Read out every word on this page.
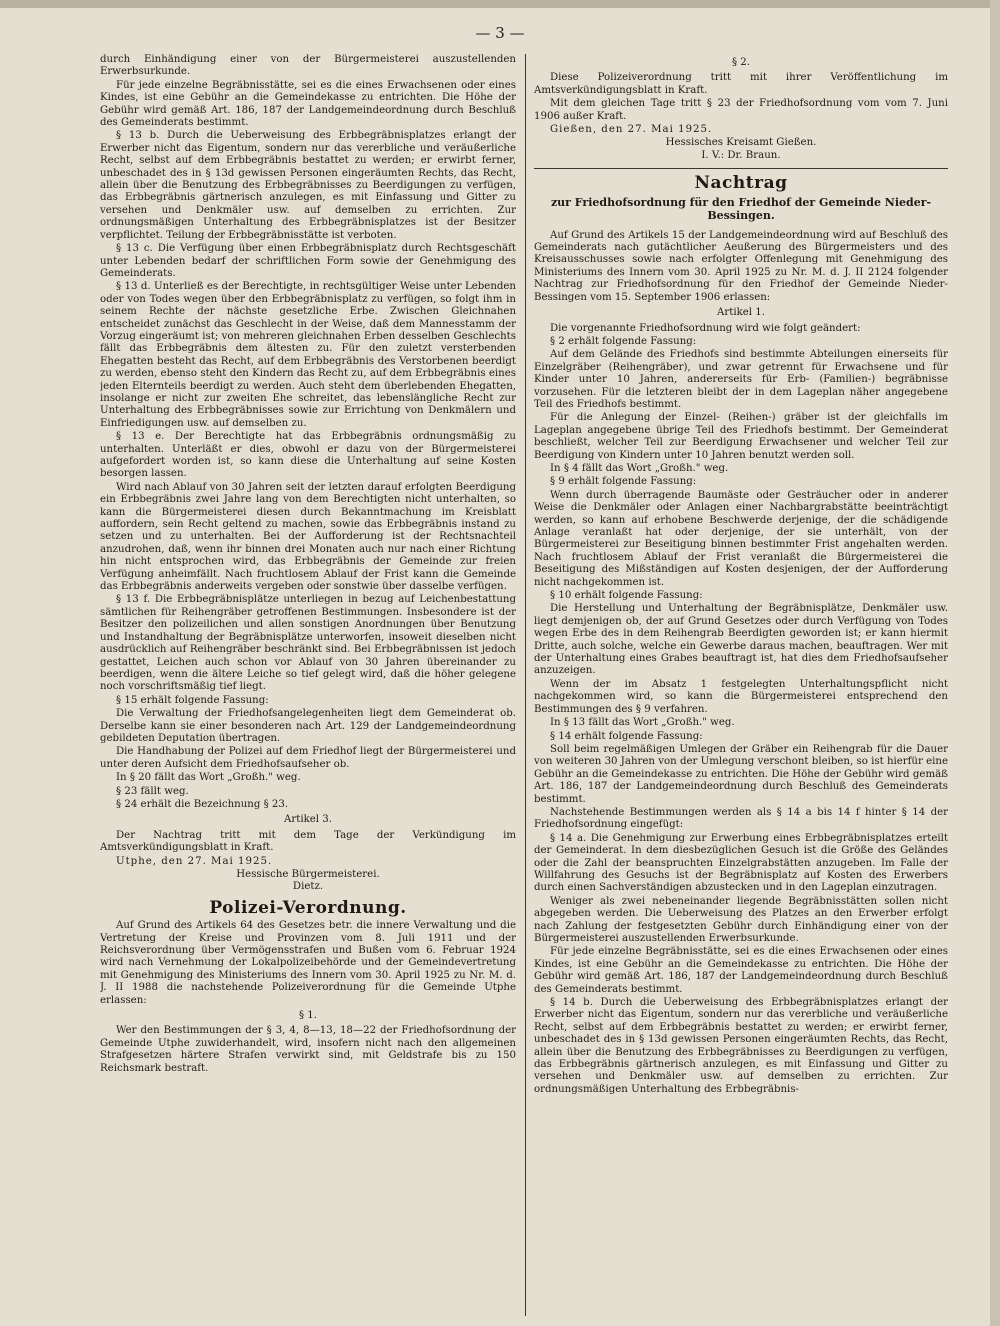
— 3 —

durch Einhändigung einer von der Bürgermeisterei auszustellenden Erwerbsurkunde.

Für jede einzelne Begräbnisstätte, sei es die eines Erwachsenen oder eines Kindes, ist eine Gebühr an die Gemeindekasse zu entrichten. Die Höhe der Gebühr wird gemäß Art. 186, 187 der Landgemeindeordnung durch Beschluß des Gemeinderats bestimmt.

§ 13 b. Durch die Ueberweisung des Erbbegräbnisplatzes erlangt der Erwerber nicht das Eigentum, sondern nur das vererbliche und veräußerliche Recht, selbst auf dem Erbbegräbnis bestattet zu werden; er erwirbt ferner, unbeschadet des in § 13d gewissen Personen eingeräumten Rechts, das Recht, allein über die Benutzung des Erbbegräbnisses zu Beerdigungen zu verfügen, das Erbbegräbnis gärtnerisch anzulegen, es mit Einfassung und Gitter zu versehen und Denkmäler usw. auf demselben zu errichten. Zur ordnungsmäßigen Unterhaltung des Erbbegräbnisplatzes ist der Besitzer verpflichtet. Teilung der Erbbegräbnisstätte ist verboten.

§ 13 c. Die Verfügung über einen Erbbegräbnisplatz durch Rechtsgeschäft unter Lebenden bedarf der schriftlichen Form sowie der Genehmigung des Gemeinderats.

§ 13 d. Unterließ es der Berechtigte, in rechtsgültiger Weise unter Lebenden oder von Todes wegen über den Erbbegräbnisplatz zu verfügen, so folgt ihm in seinem Rechte der nächste gesetzliche Erbe. Zwischen Gleichnahen entscheidet zunächst das Geschlecht in der Weise, daß dem Mannesstamm der Vorzug eingeräumt ist; von mehreren gleichnahen Erben desselben Geschlechts fällt das Erbbegräbnis dem ältesten zu. Für den zuletzt versterbenden Ehegatten besteht das Recht, auf dem Erbbegräbnis des Verstorbenen beerdigt zu werden, ebenso steht den Kindern das Recht zu, auf dem Erbbegräbnis eines jeden Elternteils beerdigt zu werden. Auch steht dem überlebenden Ehegatten, insolange er nicht zur zweiten Ehe schreitet, das lebenslängliche Recht zur Unterhaltung des Erbbegräbnisses sowie zur Errichtung von Denkmälern und Einfriedigungen usw. auf demselben zu.

§ 13 e. Der Berechtigte hat das Erbbegräbnis ordnungsmäßig zu unterhalten. Unterläßt er dies, obwohl er dazu von der Bürgermeisterei aufgefordert worden ist, so kann diese die Unterhaltung auf seine Kosten besorgen lassen.

Wird nach Ablauf von 30 Jahren seit der letzten darauf erfolgten Beerdigung ein Erbbegräbnis zwei Jahre lang von dem Berechtigten nicht unterhalten, so kann die Bürgermeisterei diesen durch Bekanntmachung im Kreisblatt auffordern, sein Recht geltend zu machen, sowie das Erbbegräbnis instand zu setzen und zu unterhalten. Bei der Aufforderung ist der Rechtsnachteil anzudrohen, daß, wenn ihr binnen drei Monaten auch nur nach einer Richtung hin nicht entsprochen wird, das Erbbegräbnis der Gemeinde zur freien Verfügung anheimfällt. Nach fruchtlosem Ablauf der Frist kann die Gemeinde das Erbbegräbnis anderweits vergeben oder sonstwie über dasselbe verfügen.

§ 13 f. Die Erbbegräbnisplätze unterliegen in bezug auf Leichenbestattung sämtlichen für Reihengräber getroffenen Bestimmungen. Insbesondere ist der Besitzer den polizeilichen und allen sonstigen Anordnungen über Benutzung und Instandhaltung der Begräbnisplätze unterworfen, insoweit dieselben nicht ausdrücklich auf Reihengräber beschränkt sind. Bei Erbbegräbnissen ist jedoch gestattet, Leichen auch schon vor Ablauf von 30 Jahren übereinander zu beerdigen, wenn die ältere Leiche so tief gelegt wird, daß die höher gelegene noch vorschriftsmäßig tief liegt.

§ 15 erhält folgende Fassung:

Die Verwaltung der Friedhofsangelegenheiten liegt dem Gemeinderat ob. Derselbe kann sie einer besonderen nach Art. 129 der Landgemeindeordnung gebildeten Deputation übertragen.

Die Handhabung der Polizei auf dem Friedhof liegt der Bürgermeisterei und unter deren Aufsicht dem Friedhofsaufseher ob.

In § 20 fällt das Wort „Großh." weg.

§ 23 fällt weg.

§ 24 erhält die Bezeichnung § 23.

Artikel 3.

Der Nachtrag tritt mit dem Tage der Verkündigung im Amtsverkündigungsblatt in Kraft.

Utphe, den 27. Mai 1925.

Hessische Bürgermeisterei.
Dietz.
Polizei-Verordnung.

Auf Grund des Artikels 64 des Gesetzes betr. die innere Verwaltung und die Vertretung der Kreise und Provinzen vom 8. Juli 1911 und der Reichsverordnung über Vermögensstrafen und Bußen vom 6. Februar 1924 wird nach Vernehmung der Lokalpolizeibehörde und der Gemeindevertretung mit Genehmigung des Ministeriums des Innern vom 30. April 1925 zu Nr. M. d. J. II 1988 die nachstehende Polizeiverordnung für die Gemeinde Utphe erlassen:

§ 1.

Wer den Bestimmungen der § 3, 4, 8—13, 18—22 der Friedhofsordnung der Gemeinde Utphe zuwiderhandelt, wird, insofern nicht nach den allgemeinen Strafgesetzen härtere Strafen verwirkt sind, mit Geldstrafe bis zu 150 Reichsmark bestraft.

§ 2.

Diese Polizeiverordnung tritt mit ihrer Veröffentlichung im Amtsverkündigungsblatt in Kraft.

Mit dem gleichen Tage tritt § 23 der Friedhofsordnung vom vom 7. Juni 1906 außer Kraft.

Gießen, den 27. Mai 1925.

Hessisches Kreisamt Gießen.
I. V.: Dr. Braun.
Nachtrag
zur Friedhofsordnung für den Friedhof der Gemeinde Nieder-Bessingen.

Auf Grund des Artikels 15 der Landgemeindeordnung wird auf Beschluß des Gemeinderats nach gutächtlicher Aeußerung des Bürgermeisters und des Kreisausschusses sowie nach erfolgter Offenlegung mit Genehmigung des Ministeriums des Innern vom 30. April 1925 zu Nr. M. d. J. II 2124 folgender Nachtrag zur Friedhofsordnung für den Friedhof der Gemeinde Nieder-Bessingen vom 15. September 1906 erlassen:

Artikel 1.

Die vorgenannte Friedhofsordnung wird wie folgt geändert:

§ 2 erhält folgende Fassung:

Auf dem Gelände des Friedhofs sind bestimmte Abteilungen einerseits für Einzelgräber (Reihengräber), und zwar getrennt für Erwachsene und für Kinder unter 10 Jahren, andererseits für Erb- (Familien-) begräbnisse vorzusehen. Für die letzteren bleibt der in dem Lageplan näher angegebene Teil des Friedhofs bestimmt.

Für die Anlegung der Einzel- (Reihen-) gräber ist der gleichfalls im Lageplan angegebene übrige Teil des Friedhofs bestimmt. Der Gemeinderat beschließt, welcher Teil zur Beerdigung Erwachsener und welcher Teil zur Beerdigung von Kindern unter 10 Jahren benutzt werden soll.

In § 4 fällt das Wort „Großh." weg.

§ 9 erhält folgende Fassung:

Wenn durch überragende Baumäste oder Gesträucher oder in anderer Weise die Denkmäler oder Anlagen einer Nachbargrabstätte beeinträchtigt werden, so kann auf erhobene Beschwerde derjenige, der die schädigende Anlage veranlaßt hat oder derjenige, der sie unterhält, von der Bürgermeisterei zur Beseitigung binnen bestimmter Frist angehalten werden. Nach fruchtlosem Ablauf der Frist veranlaßt die Bürgermeisterei die Beseitigung des Mißständigen auf Kosten desjenigen, der der Aufforderung nicht nachgekommen ist.

§ 10 erhält folgende Fassung:

Die Herstellung und Unterhaltung der Begräbnisplätze, Denkmäler usw. liegt demjenigen ob, der auf Grund Gesetzes oder durch Verfügung von Todes wegen Erbe des in dem Reihengrab Beerdigten geworden ist; er kann hiermit Dritte, auch solche, welche ein Gewerbe daraus machen, beauftragen. Wer mit der Unterhaltung eines Grabes beauftragt ist, hat dies dem Friedhofsaufseher anzuzeigen.

Wenn der im Absatz 1 festgelegten Unterhaltungspflicht nicht nachgekommen wird, so kann die Bürgermeisterei entsprechend den Bestimmungen des § 9 verfahren.

In § 13 fällt das Wort „Großh." weg.

§ 14 erhält folgende Fassung:

Soll beim regelmäßigen Umlegen der Gräber ein Reihengrab für die Dauer von weiteren 30 Jahren von der Umlegung verschont bleiben, so ist hierfür eine Gebühr an die Gemeindekasse zu entrichten. Die Höhe der Gebühr wird gemäß Art. 186, 187 der Landgemeindeordnung durch Beschluß des Gemeinderats bestimmt.

Nachstehende Bestimmungen werden als § 14 a bis 14 f hinter § 14 der Friedhofsordnung eingefügt:

§ 14 a. Die Genehmigung zur Erwerbung eines Erbbegräbnisplatzes erteilt der Gemeinderat. In dem diesbezüglichen Gesuch ist die Größe des Geländes oder die Zahl der beanspruchten Einzelgrabstätten anzugeben. Im Falle der Willfahrung des Gesuchs ist der Begräbnisplatz auf Kosten des Erwerbers durch einen Sachverständigen abzustecken und in den Lageplan einzutragen.

Weniger als zwei nebeneinander liegende Begräbnisstätten sollen nicht abgegeben werden. Die Ueberweisung des Platzes an den Erwerber erfolgt nach Zahlung der festgesetzten Gebühr durch Einhändigung einer von der Bürgermeisterei auszustellenden Erwerbsurkunde.

Für jede einzelne Begräbnisstätte, sei es die eines Erwachsenen oder eines Kindes, ist eine Gebühr an die Gemeindekasse zu entrichten. Die Höhe der Gebühr wird gemäß Art. 186, 187 der Landgemeindeordnung durch Beschluß des Gemeinderats bestimmt.

§ 14 b. Durch die Ueberweisung des Erbbegräbnisplatzes erlangt der Erwerber nicht das Eigentum, sondern nur das vererbliche und veräußerliche Recht, selbst auf dem Erbbegräbnis bestattet zu werden; er erwirbt ferner, unbeschadet des in § 13d gewissen Personen eingeräumten Rechts, das Recht, allein über die Benutzung des Erbbegräbnisses zu Beerdigungen zu verfügen, das Erbbegräbnis gärtnerisch anzulegen, es mit Einfassung und Gitter zu versehen und Denkmäler usw. auf demselben zu errichten. Zur ordnungsmäßigen Unterhaltung des Erbbegräbnis-
